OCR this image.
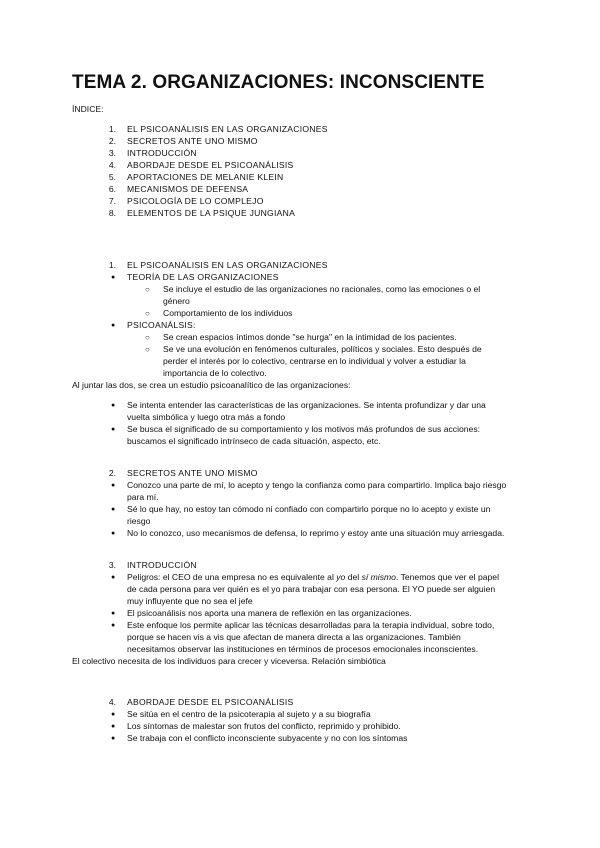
TEMA 2. ORGANIZACIONES: INCONSCIENTE
ÍNDICE:
1. EL PSICOANÁLISIS EN LAS ORGANIZACIONES
2. SECRETOS ANTE UNO MISMO
3. INTRODUCCIÓN
4. ABORDAJE DESDE EL PSICOANÁLISIS
5. APORTACIONES DE MELANIE KLEIN
6. MECANISMOS DE DEFENSA
7. PSICOLOGÍA DE LO COMPLEJO
8. ELEMENTOS DE LA PSIQUE JUNGIANA
1. EL PSICOANÁLISIS EN LAS ORGANIZACIONES
● TEORÍA DE LAS ORGANIZACIONES
○ Se incluye el estudio de las organizaciones no racionales, como las emociones o el
género
○ Comportamiento de los individuos
● PSICOANÁLSIS:
○ Se crean espacios íntimos donde "se hurga" en la intimidad de los pacientes.
○ Se ve una evolución en fenómenos culturales, políticos y sociales. Esto después de
perder el interés por lo colectivo, centrarse en lo individual y volver a estudiar la
importancia de lo colectivo.
Al juntar las dos, se crea un estudio psicoanalítico de las organizaciones:
● Se intenta entender las características de las organizaciones. Se intenta profundizar y dar una
vuelta simbólica y luego otra más a fondo
● Se busca el significado de su comportamiento y los motivos más profundos de sus acciones:
buscamos el significado intrínseco de cada situación, aspecto, etc.
2. SECRETOS ANTE UNO MISMO
● Conozco una parte de mí, lo acepto y tengo la confianza como para compartirlo. Implica bajo riesgo
para mí.
● Sé lo que hay, no estoy tan cómodo ni confiado con compartirlo porque no lo acepto y existe un
riesgo
● No lo conozco, uso mecanismos de defensa, lo reprimo y estoy ante una situación muy arriesgada.
3. INTRODUCCIÓN
● Peligros: el CEO de una empresa no es equivalente al yo del sí mismo. Tenemos que ver el papel
de cada persona para ver quién es el yo para trabajar con esa persona. El YO puede ser alguien
muy influyente que no sea el jefe
● El psicoanálisis nos aporta una manera de reflexión en las organizaciones.
● Este enfoque los permite aplicar las técnicas desarrolladas para la terapia individual, sobre todo,
porque se hacen vis a vis que afectan de manera directa a las organizaciones. También
necesitamos observar las instituciones en términos de procesos emocionales inconscientes.
El colectivo necesita de los individuos para crecer y viceversa. Relación simbiótica
4. ABORDAJE DESDE EL PSICOANÁLISIS
● Se sitúa en el centro de la psicoterapia al sujeto y a su biografía
● Los síntomas de malestar son frutos del conflicto, reprimido y prohibido.
● Se trabaja con el conflicto inconsciente subyacente y no con los síntomas
